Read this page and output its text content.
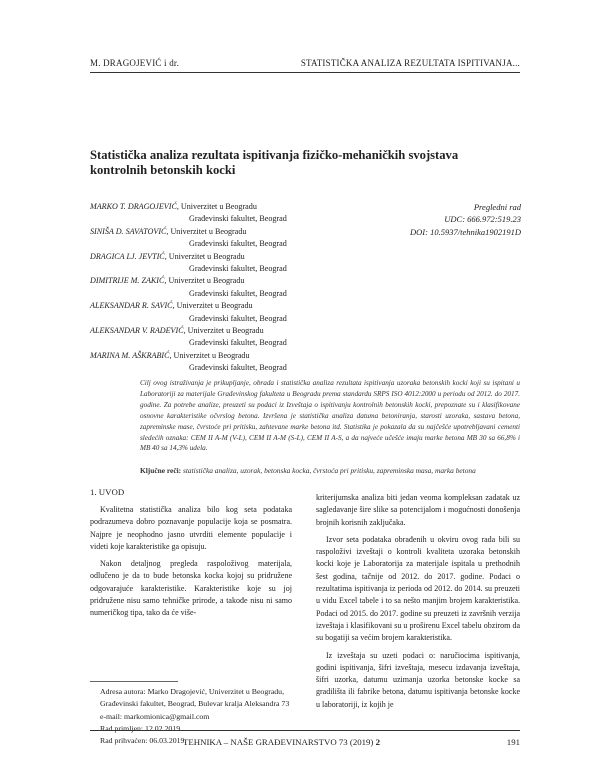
M. DRAGOJEVIĆ i dr.	STATISTIČKA ANALIZA REZULTATA ISPITIVANJA...
Statistička analiza rezultata ispitivanja fizičko-mehaničkih svojstava
kontrolnih betonskih kocki
MARKO T. DRAGOJEVIĆ, Univerzitet u Beogradu
Građevinski fakultet, Beograd
SINIŠA D. SAVATOVIĆ, Univerzitet u Beogradu
Građevinski fakultet, Beograd
DRAGICA LJ. JEVTIĆ, Univerzitet u Beogradu
Građevinski fakultet, Beograd
DIMITRIJE M. ZAKIĆ, Univerzitet u Beogradu
Građevinski fakultet, Beograd
ALEKSANDAR R. SAVIĆ, Univerzitet u Beogradu
Građevinski fakultet, Beograd
ALEKSANDAR V. RADEVIĆ, Univerzitet u Beogradu
Građevinski fakultet, Beograd
MARINA M. AŠKRABIĆ, Univerzitet u Beogradu
Građevinski fakultet, Beograd
Pregledni rad
UDC: 666.972:519.23
DOI: 10.5937/tehnika1902191D
Cilj ovog istraživanja je prikupljanje, obrada i statistička analiza rezultata ispitivanja uzoraka betonskih kocki koji su ispitani u Laboratoriji za materijale Građevinskog fakulteta u Beogradu prema standardu SRPS ISO 4012:2000 u periodu od 2012. do 2017. godine. Za potrebe analize, preuzeti su podaci iz Izveštaja o ispitivanju kontrolnih betonskih kocki, prepoznate su i klasifikovane osnovne karakteristike očvrslog betona. Izvršena je statistička analiza datuma betoniranja, starosti uzoraka, sastava betona, zapreminske mase, čvrstoće pri pritisku, zahtevane marke betona itd. Statistika je pokazala da su najčešće upotrebljavani cementi sledećih oznaka: CEM II A-M (V-L), CEM II A-M (S-L), CEM II A-S, a da najveće učešće imaju marke betona MB 30 sa 66,8% i MB 40 sa 14,3% udela.
Ključne reči: statistička analiza, uzorak, betonska kocka, čvrstoća pri pritisku, zapreminska masa, marka betona
1. UVOD

Kvalitetna statistička analiza bilo kog seta podataka podrazumeva dobro poznavanje populacije koja se posmatra. Najpre je neophodno jasno utvrditi elemente populacije i videti koje karakteristike ga opisuju.

Nakon detaljnog pregleda raspoloživog materijala, odlučeno je da to bude betonska kocka kojoj su pridružene odgovarajuće karakteristike. Karakteristike koje su joj pridružene nisu samo tehničke prirode, a takođe nisu ni samo numeričkog tipa, tako da će više-

kriterijumska analiza biti jedan veoma kompleksan zadatak uz sagledavanje šire slike sa potencijalom i mogućnosti donošenja brojnih korisnih zaključaka.

Izvor seta podataka obrađenih u okviru ovog rada bili su raspoloživi izveštaji o kontroli kvaliteta uzoraka betonskih kocki koje je Laboratorija za materijale ispitala u prethodnih šest godina, tačnije od 2012. do 2017. godine. Podaci o rezultatima ispitivanja iz perioda od 2012. do 2014. su preuzeti u vidu Excel tabele i to sa nešto manjim brojem karakteristika. Podaci od 2015. do 2017. godine su preuzeti iz završnih verzija izveštaja i klasifikovani su u proširenu Excel tabelu obzirom da su bogatiji sa većim brojem karakteristika.

Iz izveštaja su uzeti podaci o: naručiocima ispitivanja, godini ispitivanja, šifri izveštaja, mesecu izdavanja izveštaja, šifri uzorka, datumu uzimanja uzorka betonske kocke sa gradilišta ili fabrike betona, datumu ispitivanja betonske kocke u laboratoriji, iz kojih je

Adresa autora: Marko Dragojević, Univerzitet u Beogradu, Građevinski fakultet, Beograd, Bulevar kralja Aleksandra 73
e-mail: markomionica@gmail.com
Rad primljen: 12.02.2019.
Rad prihvaćen: 06.03.2019.
TEHNIKA – NAŠE GRAĐEVINARSTVO 73 (2019) 2	191
